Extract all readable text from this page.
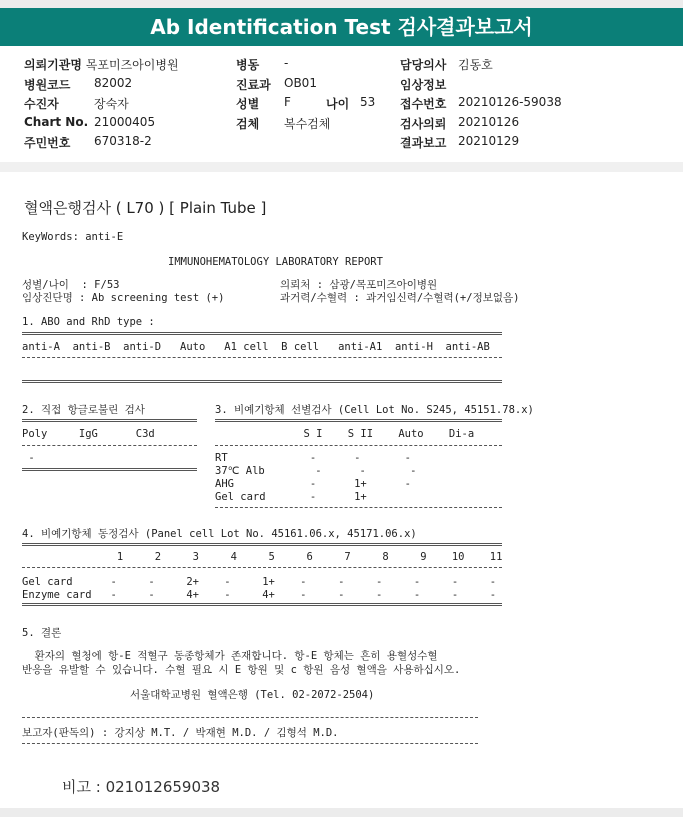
Ab Identification Test 검사결과보고서
의뢰기관명 목포미즈아이병원
병원코드 82002
수진자	장숙자
Chart No. 21000405
주민번호 670318-2
병동 -
진료과 OB01
성별 F	나이 53
검체 복수검체
담당의사 김동호
임상정보
접수번호 20210126-59038
검사의뢰 20210126
결과보고 20210129
혈액은행검사 ( L70 ) [ Plain Tube ]
KeyWords: anti-E
IMMUNOHEMATOLOGY LABORATORY REPORT
성별/나이  : F/53	의뢰처 : 삼광/목포미즈아이병원
임상진단명 : Ab screening test (+)	과거력/수혈력 : 과거임신력/수혈력(+/정보없음)
1. ABO and RhD type :
anti-A  anti-B  anti-D   Auto   A1 cell  B cell   anti-A1  anti-H  anti-AB
2. 직접 항글로불린 검사
Poly     IgG      C3d
-
3. 비예기항체 선별검사 (Cell Lot No. S245, 45151.78.x)
S I    S II    Auto    Di-a
RT             -      -       -
37℃ Alb        -      -       -
AHG            -      1+      -
Gel card       -      1+
4. 비예기항체 동정검사 (Panel cell Lot No. 45161.06.x, 45171.06.x)
1     2     3     4     5     6     7     8     9    10    11
Gel card      -     -     2+    -     1+    -     -     -     -     -     -
Enzyme card   -     -     4+    -     4+    -     -     -     -     -     -
5. 결론
환자의 혈청에 항-E 적혈구 동종항체가 존재합니다. 항-E 항체는 흔히 용혈성수혈
반응을 유발할 수 있습니다. 수혈 필요 시 E 항원 및 c 항원 음성 혈액을 사용하십시오.
서울대학교병원 혈액은행 (Tel. 02-2072-2504)
보고자(판독의) : 강지상 M.T. / 박재현 M.D. / 김형석 M.D.
비고 : 021012659038
